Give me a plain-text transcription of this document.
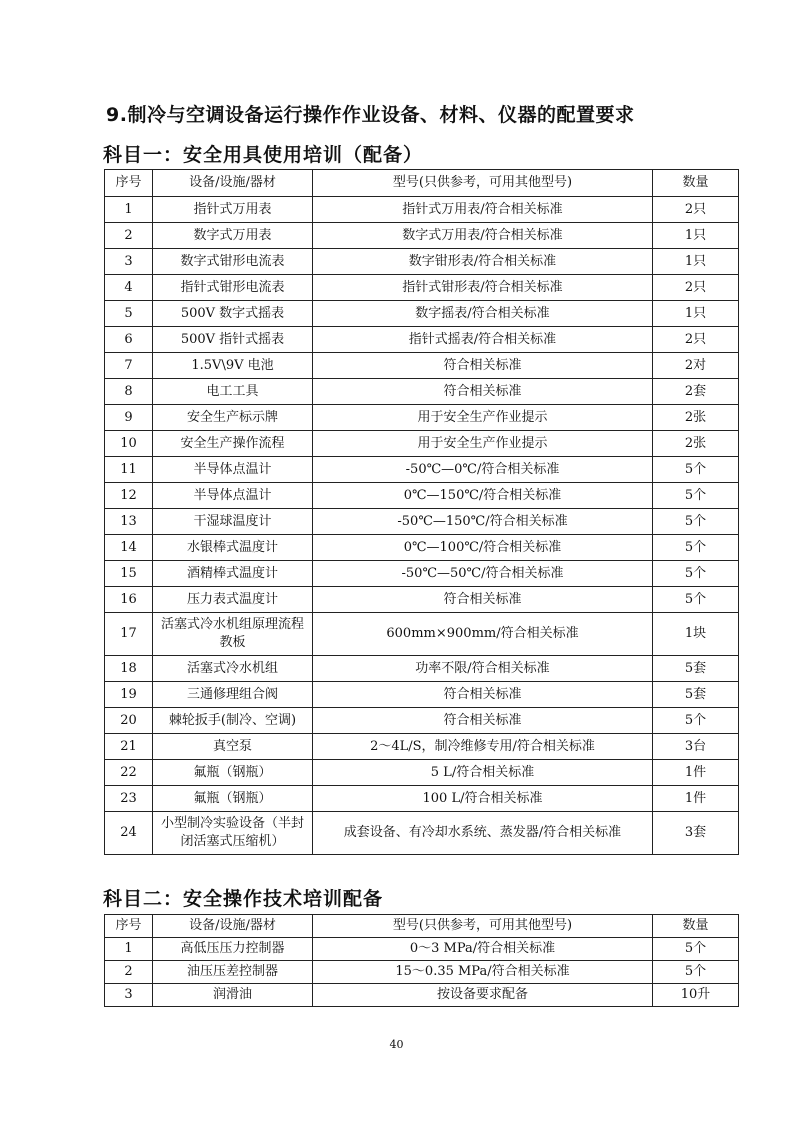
9.制冷与空调设备运行操作作业设备、材料、仪器的配置要求
科目一：安全用具使用培训（配备）
序号	设备/设施/器材	型号(只供参考，可用其他型号)	数量
1	指针式万用表	指针式万用表/符合相关标准	2只
2	数字式万用表	数字式万用表/符合相关标准	1只
3	数字式钳形电流表	数字钳形表/符合相关标准	1只
4	指针式钳形电流表	指针式钳形表/符合相关标准	2只
5	500V 数字式摇表	数字摇表/符合相关标准	1只
6	500V 指针式摇表	指针式摇表/符合相关标准	2只
7	1.5V\9V 电池	符合相关标准	2对
8	电工工具	符合相关标准	2套
9	安全生产标示牌	用于安全生产作业提示	2张
10	安全生产操作流程	用于安全生产作业提示	2张
11	半导体点温计	-50℃—0℃/符合相关标准	5个
12	半导体点温计	0℃—150℃/符合相关标准	5个
13	干湿球温度计	-50℃—150℃/符合相关标准	5个
14	水银棒式温度计	0℃—100℃/符合相关标准	5个
15	酒精棒式温度计	-50℃—50℃/符合相关标准	5个
16	压力表式温度计	符合相关标准	5个
17	活塞式冷水机组原理流程教板	600mm×900mm/符合相关标准	1块
18	活塞式冷水机组	功率不限/符合相关标准	5套
19	三通修理组合阀	符合相关标准	5套
20	棘轮扳手(制冷、空调)	符合相关标准	5个
21	真空泵	2〜4L/S，制冷维修专用/符合相关标准	3台
22	氟瓶（钢瓶）	5 L/符合相关标准	1件
23	氟瓶（钢瓶）	100 L/符合相关标准	1件
24	小型制冷实验设备（半封闭活塞式压缩机）	成套设备、有冷却水系统、蒸发器/符合相关标准	3套
科目二：安全操作技术培训配备
序号	设备/设施/器材	型号(只供参考，可用其他型号)	数量
1	高低压压力控制器	0〜3 MPa/符合相关标准	5个
2	油压压差控制器	15〜0.35 MPa/符合相关标准	5个
3	润滑油	按设备要求配备	10升
40
